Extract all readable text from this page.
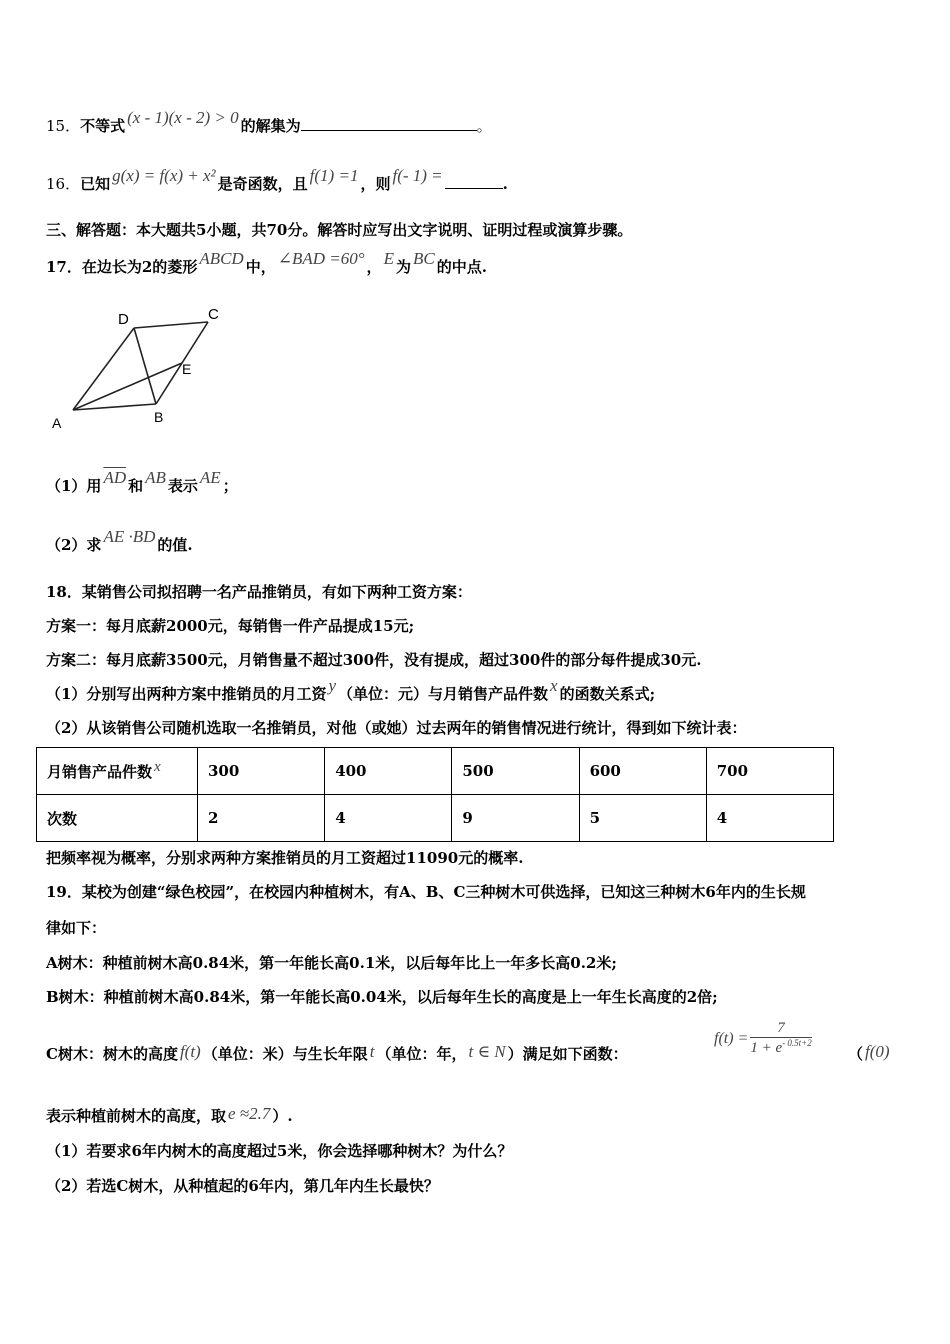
15．不等式 (x - 1)(x - 2) > 0 的解集为	。
16．已知 g(x) = f(x) + x² 是奇函数，且 f(1) =1 ，则 f(- 1) =	.
三、解答题：本大题共5小题，共70分。解答时应写出文字说明、证明过程或演算步骤。
17．在边长为2的菱形 ABCD 中， ∠BAD =60° ， E 为 BC 的中点.
D	C
E
A	B
（1）用 $\overline{AD}$ 和 AB 表示 AE ；
（2）求 AE ·BD 的值.
18．某销售公司拟招聘一名产品推销员，有如下两种工资方案：
方案一：每月底薪2000元，每销售一件产品提成15元;
方案二：每月底薪3500元，月销售量不超过300件，没有提成，超过300件的部分每件提成30元.
（1）分别写出两种方案中推销员的月工资 y （单位：元）与月销售产品件数 x 的函数关系式;
（2）从该销售公司随机选取一名推销员，对他（或她）过去两年的销售情况进行统计，得到如下统计表：
月销售产品件数 x	300	400	500	600	700
次数	2	4	9	5	4
把频率视为概率，分别求两种方案推销员的月工资超过11090元的概率.
19．某校为创建“绿色校园”，在校园内种植树木，有A、B、C三种树木可供选择，已知这三种树木6年内的生长规
律如下：
A树木：种植前树木高0.84米，第一年能长高0.1米，以后每年比上一年多长高0.2米;
B树木：种植前树木高0.84米，第一年能长高0.04米，以后每年生长的高度是上一年生长高度的2倍;
C树木：树木的高度 f(t) （单位：米）与生长年限 t （单位：年， t ∈ N ）满足如下函数：
$f(t) = \frac{7}{1 + e^{- 0.5t+2}}$ （ f(0)
表示种植前树木的高度，取 e ≈2.7 ）.
（1）若要求6年内树木的高度超过5米，你会选择哪种树木？为什么？
（2）若选C树木，从种植起的6年内，第几年内生长最快？
